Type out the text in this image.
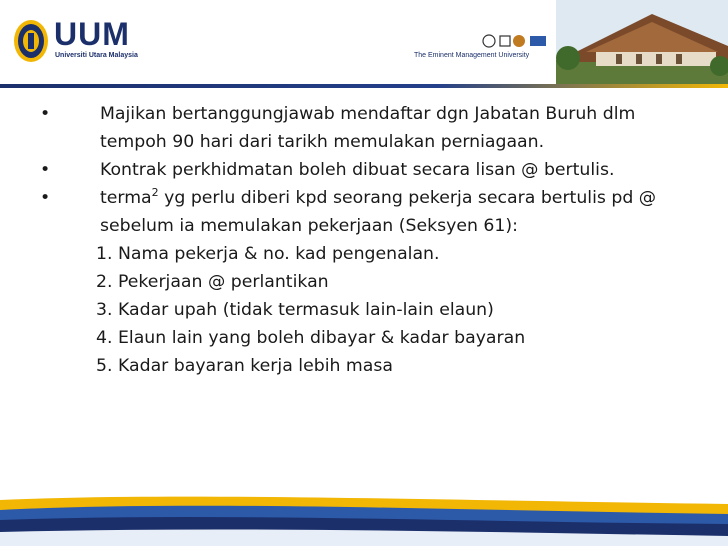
UUM
Universiti Utara Malaysia	The Eminent Management University
•	Majikan bertanggungjawab mendaftar dgn Jabatan Buruh dlm tempoh 90 hari dari tarikh memulakan perniagaan.
•	Kontrak perkhidmatan boleh dibuat secara lisan @ bertulis.
•	terma$^2$ yg perlu diberi kpd seorang pekerja secara bertulis pd @ sebelum ia memulakan pekerjaan (Seksyen 61):
1. Nama pekerja & no. kad pengenalan.
2. Pekerjaan @ perlantikan
3. Kadar upah (tidak termasuk lain-lain elaun)
4. Elaun lain yang boleh dibayar & kadar bayaran
5. Kadar bayaran kerja lebih masa
